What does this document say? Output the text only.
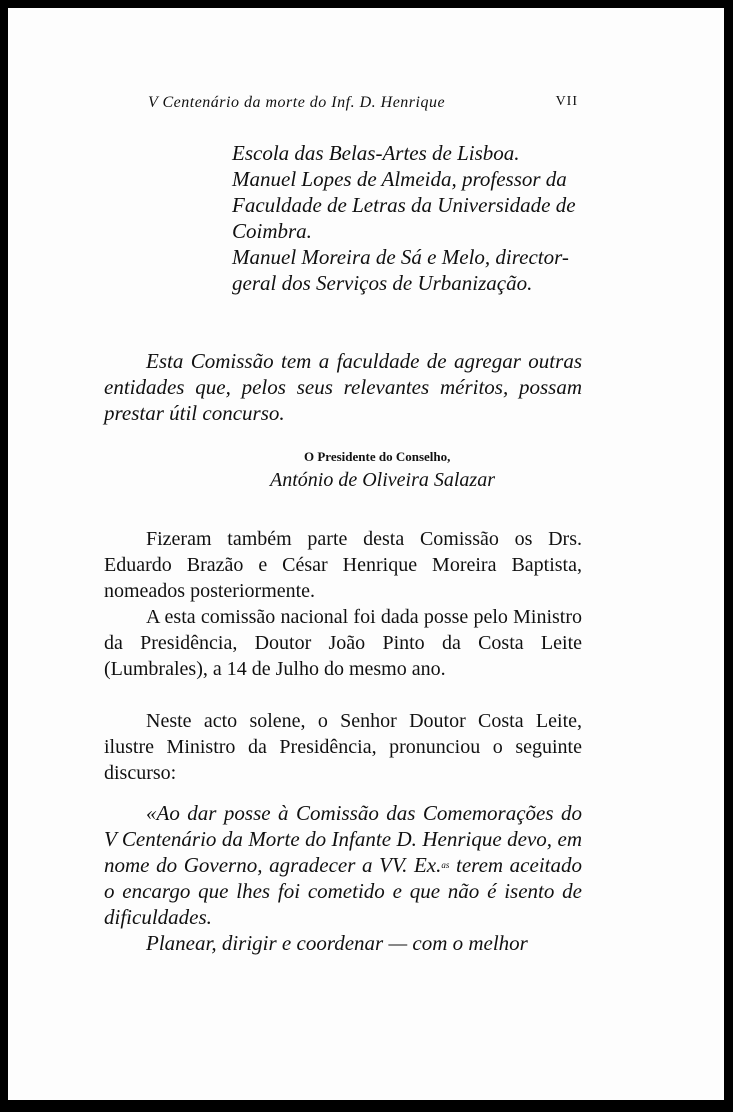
V Centenário da morte do Inf. D. Henrique	VII

Escola das Belas-Artes de Lisboa.

Manuel Lopes de Almeida, professor da Faculdade de Letras da Universidade de Coimbra.

Manuel Moreira de Sá e Melo, director-geral dos Serviços de Urbanização.

Esta Comissão tem a faculdade de agregar outras entidades que, pelos seus relevantes méritos, possam prestar útil concurso.

O Presidente do Conselho,
António de Oliveira Salazar

Fizeram também parte desta Comissão os Drs. Eduardo Brazão e César Henrique Moreira Baptista, nomeados posteriormente.

A esta comissão nacional foi dada posse pelo Ministro da Presidência, Doutor João Pinto da Costa Leite (Lumbrales), a 14 de Julho do mesmo ano.

Neste acto solene, o Senhor Doutor Costa Leite, ilustre Ministro da Presidência, pronunciou o seguinte discurso:

«Ao dar posse à Comissão das Comemorações do V Centenário da Morte do Infante D. Henrique devo, em nome do Governo, agradecer a VV. Ex.$^{as}$ terem aceitado o encargo que lhes foi cometido e que não é isento de dificuldades.

Planear, dirigir e coordenar — com o melhor
